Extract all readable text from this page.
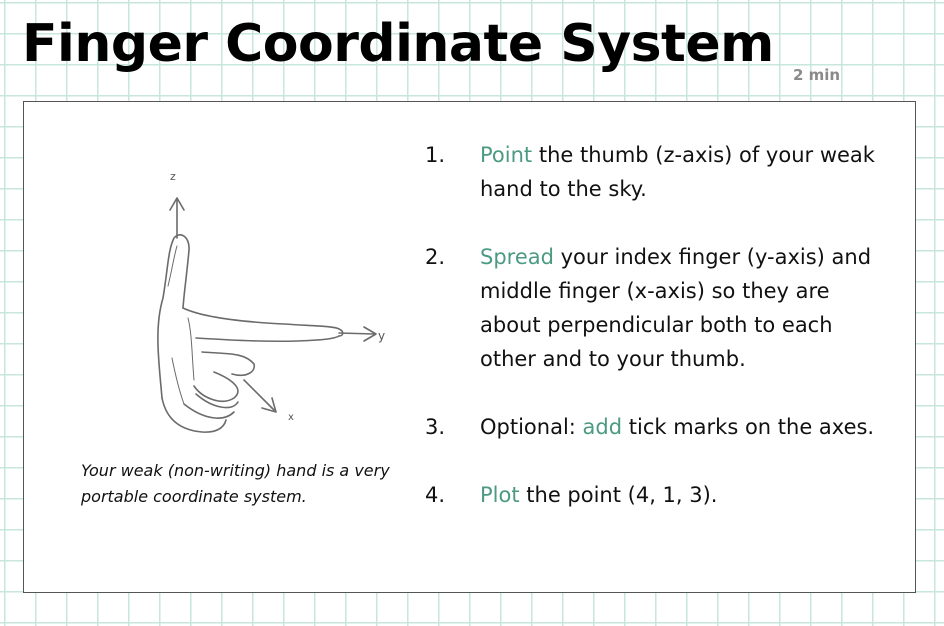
Finger Coordinate System
2 min
z
y
x
Your weak (non-writing) hand is a very portable coordinate system.
1.	Point the thumb (z-axis) of your weak hand to the sky.
2.	Spread your index finger (y-axis) and middle finger (x-axis) so they are about perpendicular both to each other and to your thumb.
3.	Optional: add tick marks on the axes.
4.	Plot the point (4, 1, 3).
